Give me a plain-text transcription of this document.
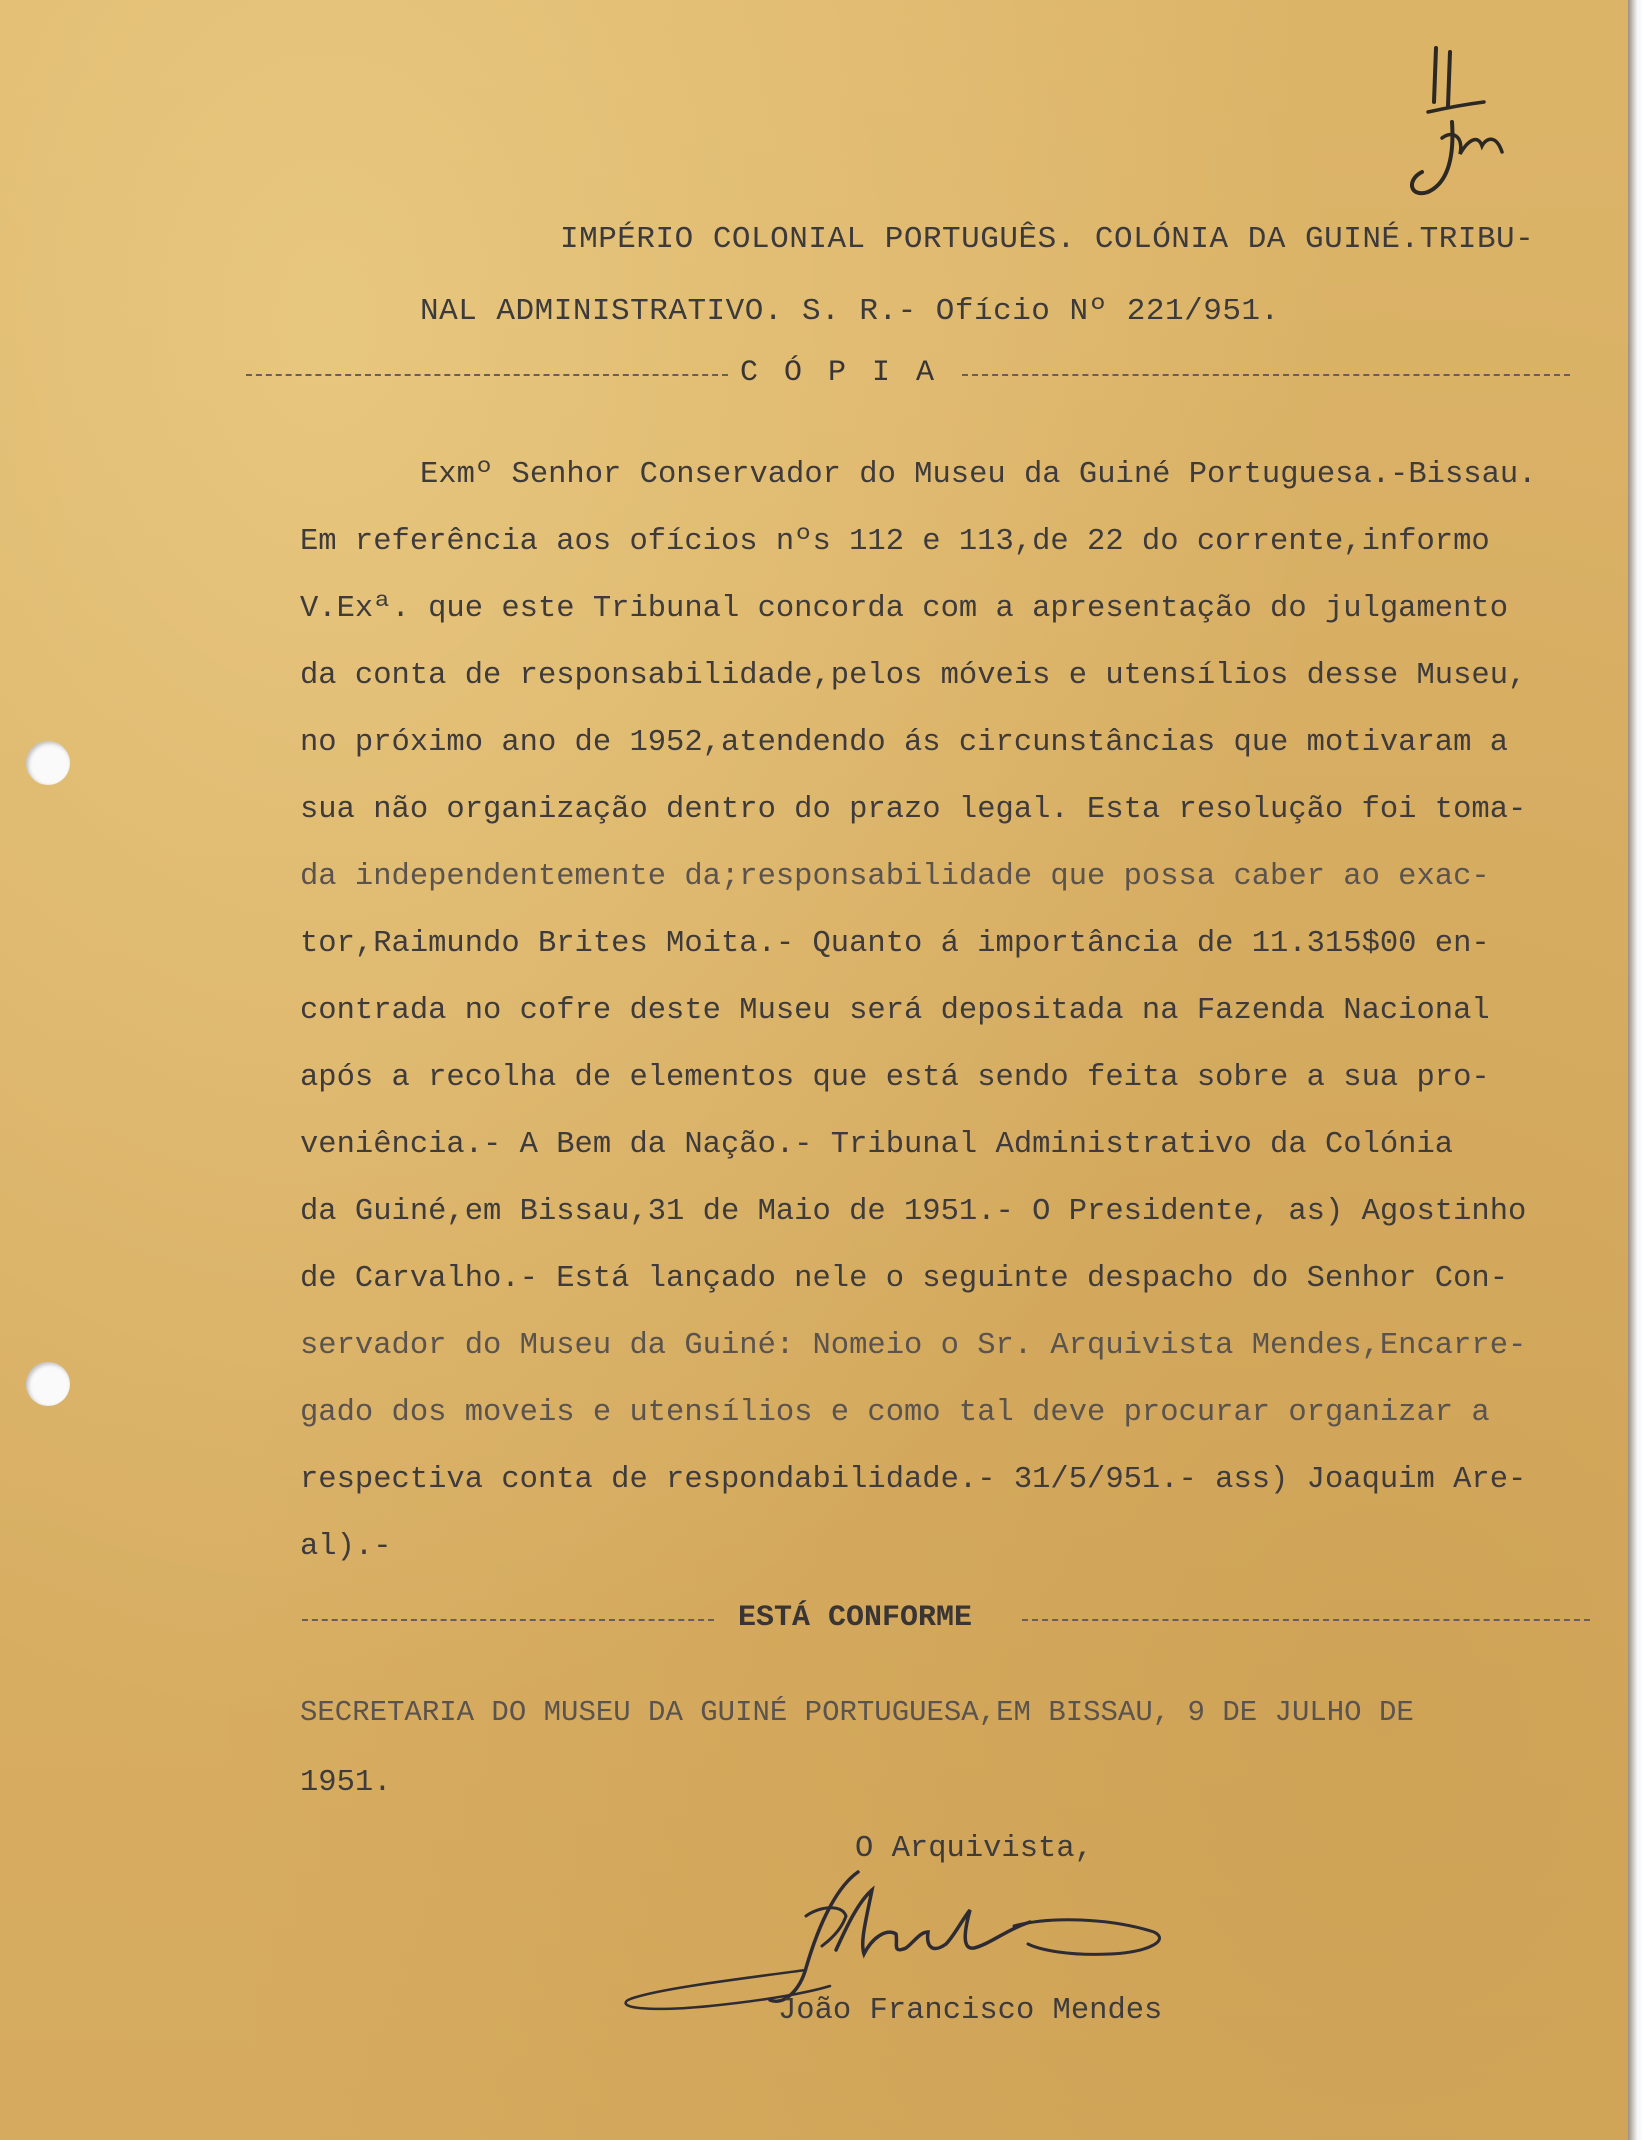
IMPÉRIO COLONIAL PORTUGUÊS. COLÓNIA DA GUINÉ.TRIBU-
NAL ADMINISTRATIVO. S. R.- Ofício Nº 221/951.
C Ó P I A
Exmº Senhor Conservador do Museu da Guiné Portuguesa.-Bissau.
Em referência aos ofícios nºs 112 e 113,de 22 do corrente,informo
V.Exª. que este Tribunal concorda com a apresentação do julgamento
da conta de responsabilidade,pelos móveis e utensílios desse Museu,
no próximo ano de 1952,atendendo ás circunstâncias que motivaram a
sua não organização dentro do prazo legal. Esta resolução foi toma-
da independentemente da;responsabilidade que possa caber ao exac-
tor,Raimundo Brites Moita.- Quanto á importância de 11.315$00 en-
contrada no cofre deste Museu será depositada na Fazenda Nacional
após a recolha de elementos que está sendo feita sobre a sua pro-
veniência.- A Bem da Nação.- Tribunal Administrativo da Colónia
da Guiné,em Bissau,31 de Maio de 1951.- O Presidente, as) Agostinho
de Carvalho.- Está lançado nele o seguinte despacho do Senhor Con-
servador do Museu da Guiné: Nomeio o Sr. Arquivista Mendes,Encarre-
gado dos moveis e utensílios e como tal deve procurar organizar a
respectiva conta de respondabilidade.- 31/5/951.- ass) Joaquim Are-
al).-
ESTÁ CONFORME
SECRETARIA DO MUSEU DA GUINÉ PORTUGUESA,EM BISSAU, 9 DE JULHO DE
1951.
O Arquivista,
João Francisco Mendes
